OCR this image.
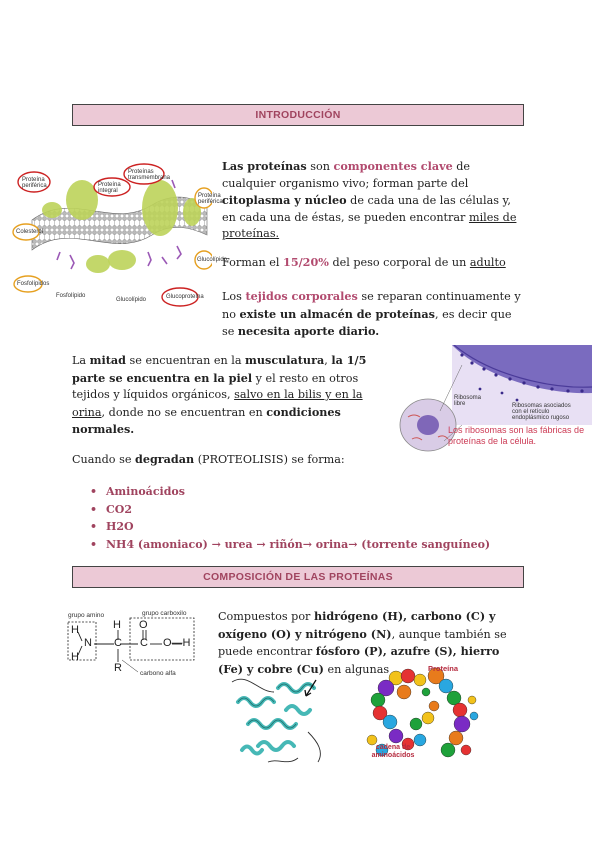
INTRODUCCIÓN
Proteína periférica
Proteínas transmembrana
Proteína integral
Colesterol
Fosfolípidos
Proteína periférica
Glucolípido	Glucoproteína
Fosfolípido
Glucolípido

Las proteínas son componentes clave de cualquier organismo vivo; forman parte del citoplasma y núcleo de cada una de las células y, en cada una de éstas, se pueden encontrar miles de proteínas.

Forman el 15/20% del peso corporal de un adulto

Los tejidos corporales se reparan continuamente y no existe un almacén de proteínas, es decir que se necesita aporte diario.

La mitad se encuentran en la musculatura, la 1/5 parte se encuentra en la piel y el resto en otros tejidos y líquidos orgánicos, salvo en la bilis y en la orina, donde no se encuentran en condiciones normales.

Ribosoma libre	Ribosomas asociados con el retículo endoplásmico rugoso
Los ribosomas son las fábricas de proteínas de la célula.

Cuando se degradan (PROTEOLISIS) se forma:

• Aminoácidos
• CO2
• H2O
• NH4 (amoniaco) → urea → riñón→ orina→ (torrente sanguíneo)
COMPOSICIÓN DE LAS PROTEÍNAS
grupo amino	grupo carboxilo
H O
H
H
N C C O—H
R	carbono alfa

Compuestos por hidrógeno (H), carbono (C) y oxígeno (O) y nitrógeno (N), aunque también se puede encontrar fósforo (P), azufre (S), hierro (Fe) y cobre (Cu) en algunas	Proteína
cadena de aminoácidos
